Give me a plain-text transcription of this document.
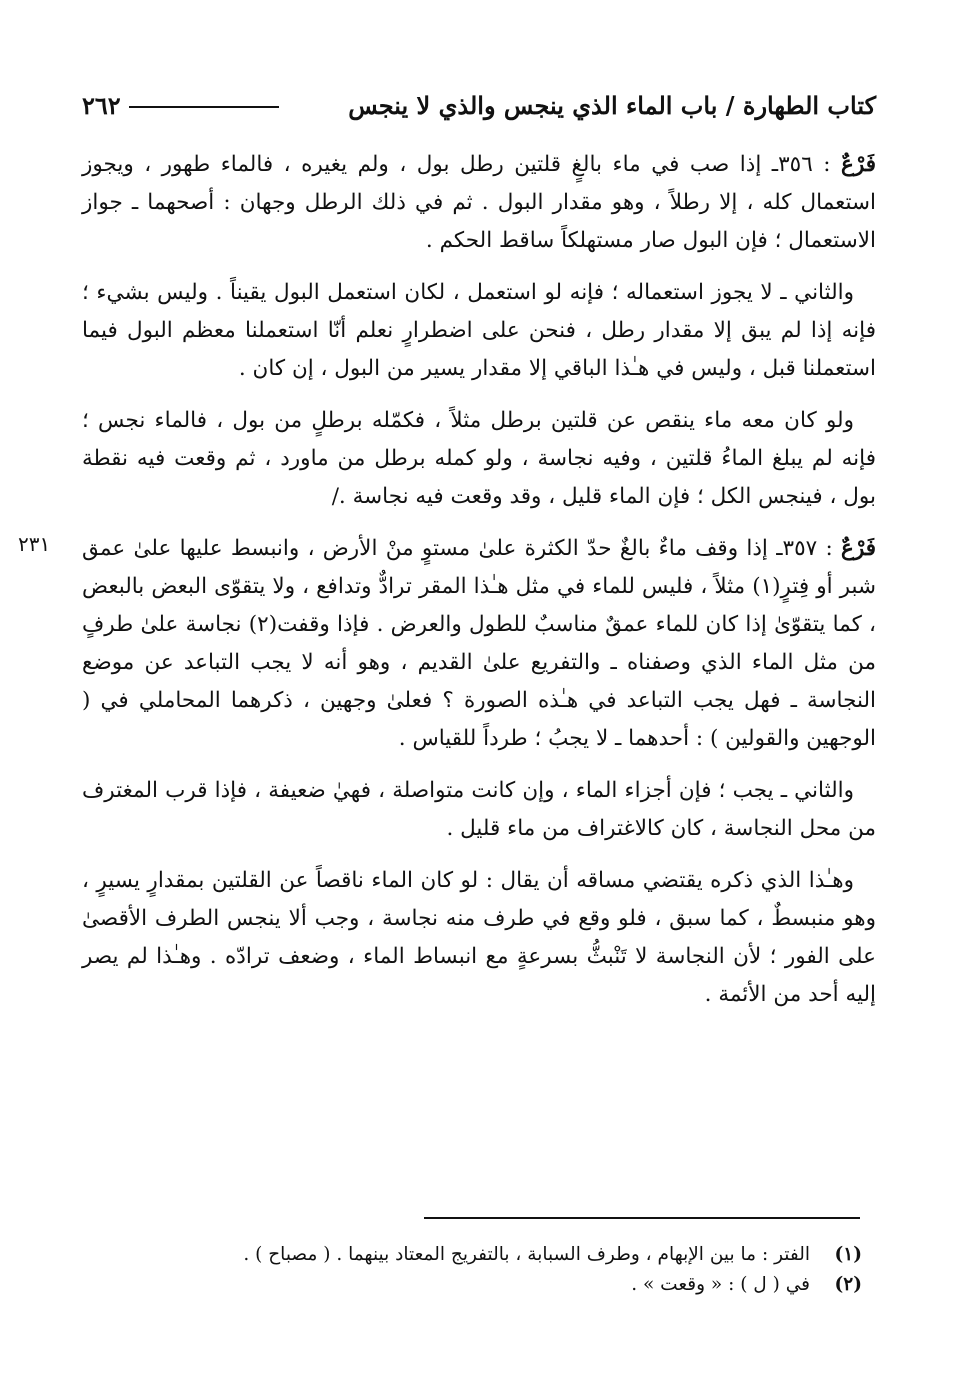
كتاب الطهارة / باب الماء الذي ينجس والذي لا ينجس
٢٦٢
٢٣١

فَرْعٌ : ٣٥٦ـ إذا صب في ماء بالغٍ قلتين رطل بول ، ولم يغيره ، فالماء طهور ، ويجوز استعمال كله ، إلا رطلاً ، وهو مقدار البول . ثم في ذلك الرطل وجهان : أصحهما ـ جواز الاستعمال ؛ فإن البول صار مستهلكاً ساقط الحكم .

والثاني ـ لا يجوز استعماله ؛ فإنه لو استعمل ، لكان استعمل البول يقيناً . وليس بشيء ؛ فإنه إذا لم يبق إلا مقدار رطل ، فنحن على اضطرارٍ نعلم أنّا استعملنا معظم البول فيما استعملنا قبل ، وليس في هـٰذا الباقي إلا مقدار يسير من البول ، إن كان .

ولو كان معه ماء ينقص عن قلتين برطل مثلاً ، فكمّله برطلٍ من بول ، فالماء نجس ؛ فإنه لم يبلغ الماءُ قلتين ، وفيه نجاسة ، ولو كمله برطل من ماورد ، ثم وقعت فيه نقطة بول ، فينجس الكل ؛ فإن الماء قليل ، وقد وقعت فيه نجاسة ./

فَرْعٌ : ٣٥٧ـ إذا وقف ماءٌ بالغٌ حدّ الكثرة علىٰ مستوٍ منْ الأرض ، وانبسط عليها علىٰ عمق شبر أو فِترٍ(١) مثلاً ، فليس للماء في مثل هـٰذا المقر ترادٌّ وتدافع ، ولا يتقوّى البعض بالبعض ، كما يتقوّىٰ إذا كان للماء عمقٌ مناسبٌ للطول والعرض . فإذا وقفت(٢) نجاسة علىٰ طرفٍ من مثل الماء الذي وصفناه ـ والتفريع علىٰ القديم ، وهو أنه لا يجب التباعد عن موضع النجاسة ـ فهل يجب التباعد في هـٰذه الصورة ؟ فعلىٰ وجهين ، ذكرهما المحاملي في ( الوجهين والقولين ) : أحدهما ـ لا يجبُ ؛ طرداً للقياس .

والثاني ـ يجب ؛ فإن أجزاء الماء ، وإن كانت متواصلة ، فهيٰ ضعيفة ، فإذا قرب المغترف من محل النجاسة ، كان كالاغتراف من ماء قليل .

وهـٰذا الذي ذكره يقتضي مساقه أن يقال : لو كان الماء ناقصاً عن القلتين بمقدارٍ يسيرٍ ، وهو منبسطٌ ، كما سبق ، فلو وقع في طرف منه نجاسة ، وجب ألا ينجس الطرف الأقصىٰ على الفور ؛ لأن النجاسة لا تَنْبثُّ بسرعةٍ مع انبساط الماء ، وضعف ترادّه . وهـٰذا لم يصر إليه أحد من الأئمة .

(١)
الفتر : ما بين الإبهام ، وطرف السبابة ، بالتفريج المعتاد بينهما . ( مصباح ) .
(٢)
في ( ل ) : « وقعت » .
